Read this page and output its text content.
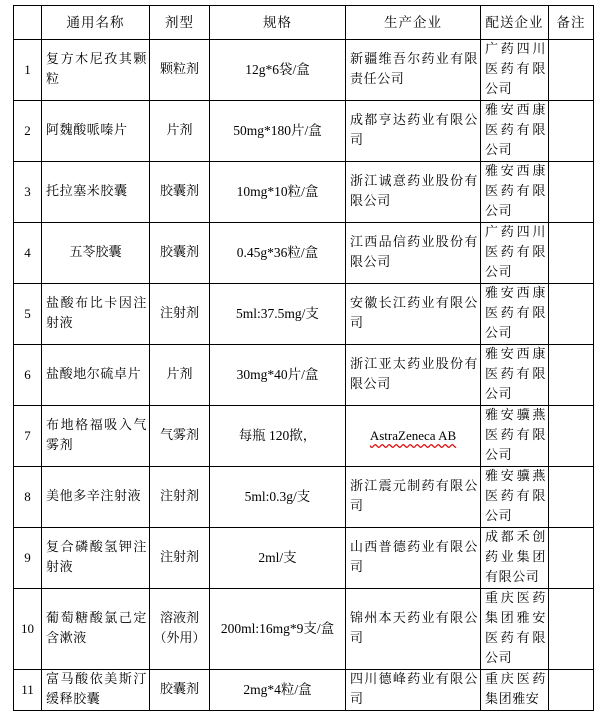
	通用名称	剂型	规格	生产企业	配送企业	备注
1	复方木尼孜其颗粒	颗粒剂	12g*6袋/盒	新疆维吾尔药业有限责任公司	广药四川医药有限公司	
2	阿魏酸哌嗪片	片剂	50mg*180片/盒	成都亨达药业有限公司	雅安西康医药有限公司	
3	托拉塞米胶囊	胶囊剂	10mg*10粒/盒	浙江诚意药业股份有限公司	雅安西康医药有限公司	
4	五苓胶囊	胶囊剂	0.45g*36粒/盒	江西品信药业股份有限公司	广药四川医药有限公司	
5	盐酸布比卡因注射液	注射剂	5ml:37.5mg/支	安徽长江药业有限公司	雅安西康医药有限公司	
6	盐酸地尔硫卓片	片剂	30mg*40片/盒	浙江亚太药业股份有限公司	雅安西康医药有限公司	
7	布地格福吸入气雾剂	气雾剂	每瓶 120揿，	AstraZeneca AB	雅安骥燕医药有限公司	
8	美他多辛注射液	注射剂	5ml:0.3g/支	浙江震元制药有限公司	雅安骥燕医药有限公司	
9	复合磷酸氢钾注射液	注射剂	2ml/支	山西普德药业有限公司	成都禾创药业集团有限公司	
10	葡萄糖酸氯己定含漱液	溶液剂（外用）	200ml:16mg*9支/盒	锦州本天药业有限公司	重庆医药集团雅安医药有限公司	
11	富马酸依美斯汀缓释胶囊	胶囊剂	2mg*4粒/盒	四川德峰药业有限公司	重庆医药集团雅安	
